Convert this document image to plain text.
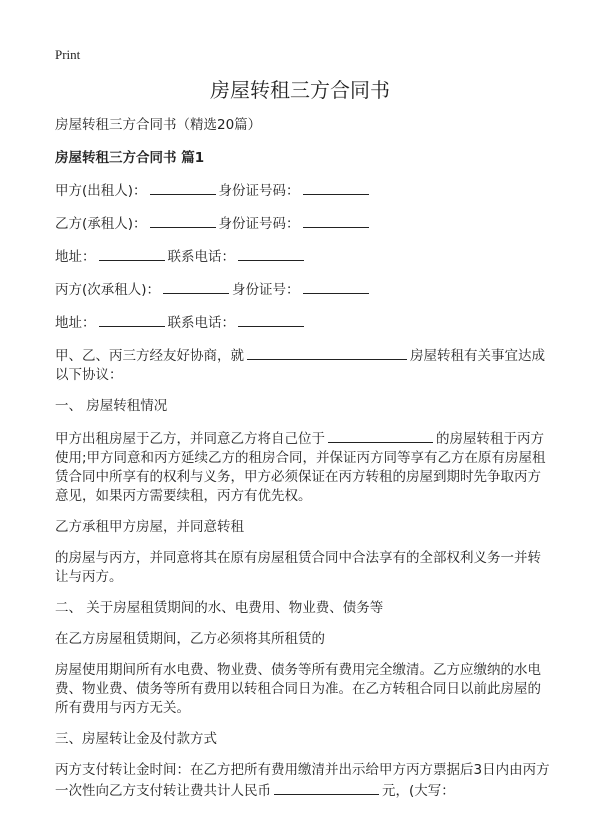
Print
房屋转租三方合同书
房屋转租三方合同书（精选20篇）
房屋转租三方合同书 篇1
甲方(出租人)：	身份证号码：
乙方(承租人)：	身份证号码：
地址：	联系电话：
丙方(次承租人)：	身份证号：
地址：	联系电话：
甲、乙、丙三方经友好协商，就	房屋转租有关事宜达成以下协议：
一、 房屋转租情况
甲方出租房屋于乙方，并同意乙方将自己位于	的房屋转租于丙方使用;甲方同意和丙方延续乙方的租房合同，并保证丙方同等享有乙方在原有房屋租赁合同中所享有的权利与义务，甲方必须保证在丙方转租的房屋到期时先争取丙方意见，如果丙方需要续租，丙方有优先权。
乙方承租甲方房屋，并同意转租
的房屋与丙方，并同意将其在原有房屋租赁合同中合法享有的全部权利义务一并转让与丙方。
二、 关于房屋租赁期间的水、电费用、物业费、债务等
在乙方房屋租赁期间，乙方必须将其所租赁的
房屋使用期间所有水电费、物业费、债务等所有费用完全缴清。乙方应缴纳的水电费、物业费、债务等所有费用以转租合同日为准。在乙方转租合同日以前此房屋的所有费用与丙方无关。
三、房屋转让金及付款方式
丙方支付转让金时间：在乙方把所有费用缴清并出示给甲方丙方票据后3日内由丙方一次性向乙方支付转让费共计人民币	元，(大写：
